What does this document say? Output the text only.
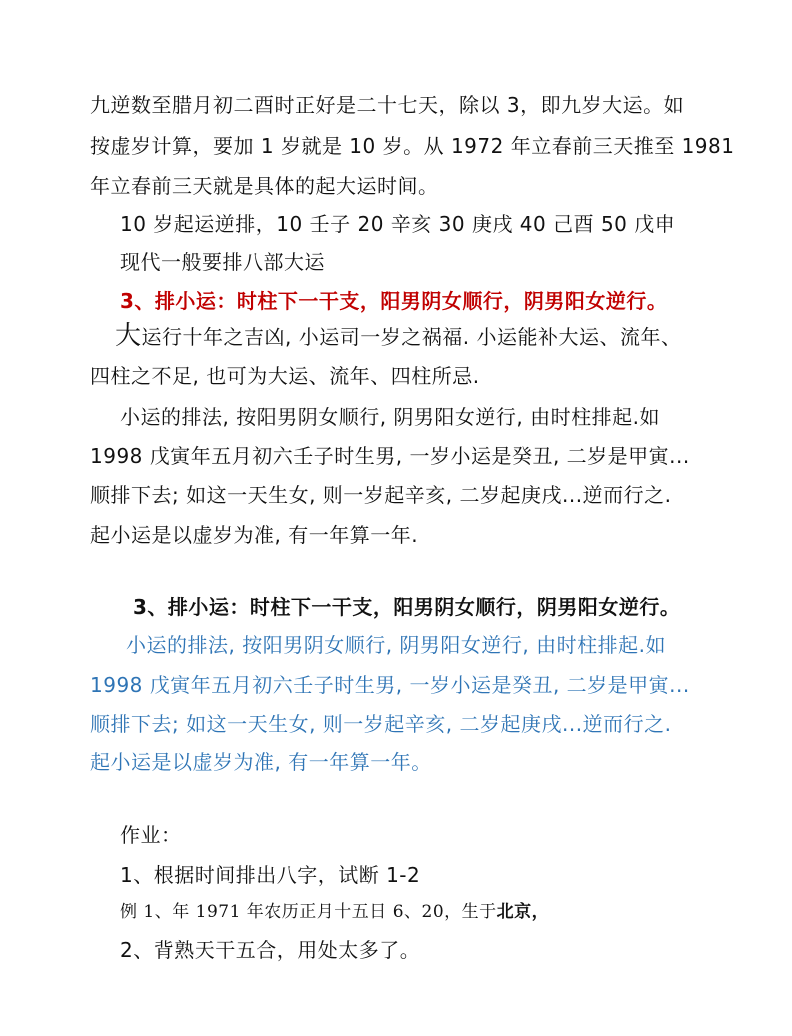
九逆数至腊月初二酉时正好是二十七天，除以 3，即九岁大运。如
按虚岁计算，要加 1 岁就是 10 岁。从 1972 年立春前三天推至 1981
年立春前三天就是具体的起大运时间。
10 岁起运逆排，10 壬子 20 辛亥 30 庚戌 40 己酉 50 戊申
现代一般要排八部大运
3、排小运：时柱下一干支，阳男阴女顺行，阴男阳女逆行。
大运行十年之吉凶, 小运司一岁之祸福. 小运能补大运、流年、
四柱之不足, 也可为大运、流年、四柱所忌.
小运的排法, 按阳男阴女顺行, 阴男阳女逆行, 由时柱排起.如
1998 戊寅年五月初六壬子时生男, 一岁小运是癸丑, 二岁是甲寅...
顺排下去; 如这一天生女, 则一岁起辛亥, 二岁起庚戌...逆而行之.
起小运是以虚岁为准, 有一年算一年.
3、排小运：时柱下一干支，阳男阴女顺行，阴男阳女逆行。
小运的排法, 按阳男阴女顺行, 阴男阳女逆行, 由时柱排起.如
1998 戊寅年五月初六壬子时生男, 一岁小运是癸丑, 二岁是甲寅...
顺排下去; 如这一天生女, 则一岁起辛亥, 二岁起庚戌...逆而行之.
起小运是以虚岁为准, 有一年算一年。
作业：
1、根据时间排出八字，试断 1-2
例 1、年 1971 年农历正月十五日 6、20，生于北京，
2、背熟天干五合，用处太多了。
